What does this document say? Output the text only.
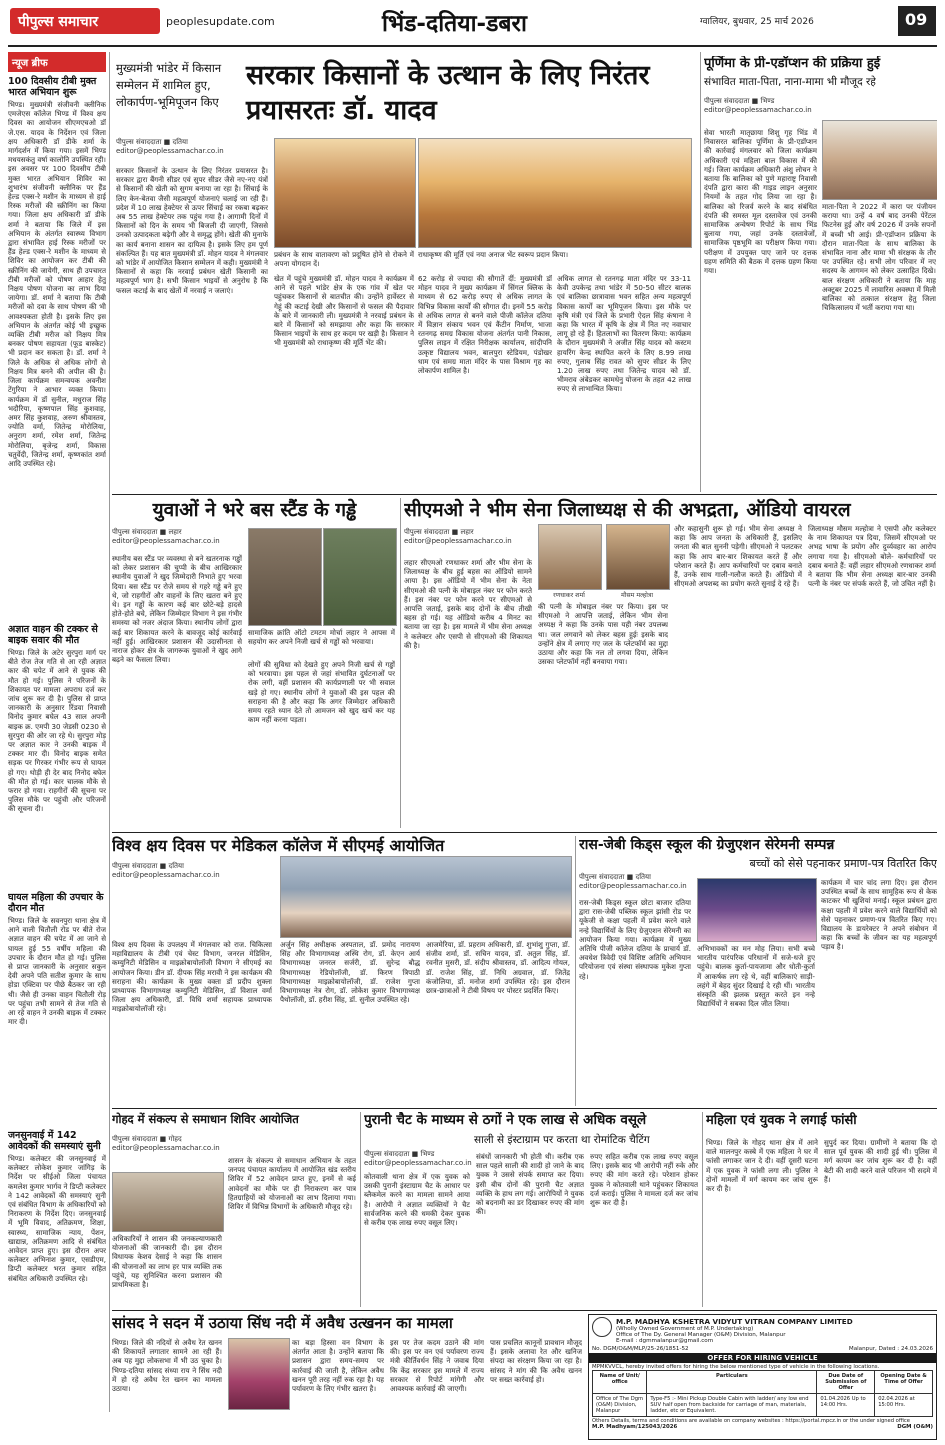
पीपुल्स समाचार	peoplesupdate.com	भिंड-दतिया-डबरा	ग्वालियर, बुधवार, 25 मार्च 2026	09
न्यूज ब्रीफ
100 दिवसीय टीबी मुक्त भारत अभियान शुरू
भिण्ड। मुख्यमंत्री संजीवनी क्लीनिक एमजेएस कॉलेज भिण्ड में विश्व क्षय दिवस का आयोजन सीएमएचओ डॉ जे.एस. यादव के निर्देशन एवं जिला क्षय अधिकारी डॉ डीके शर्मा के मार्गदर्शन में किया गया। इसमें भिण्ड मधयसकंतु वर्षा कालोनि उपस्थित रही। इस अवसर पर 100 दिवसीय टीबी मुक्त भारत अभियान शिविर का शुभारंभ संजीवनी क्लीनिक पर हैंड हेल्ड एक्स-रे मशीन के माध्यम से हाई रिस्क मरीजों की स्क्रीनिंग का किया गया। जिला क्षय अधिकारी डॉ डीके शर्मा ने बताया कि जिले में इस अभियान के अंतर्गत स्वास्थ्य विभाग द्वारा संभावित हाई रिस्क मरीजों पर हैंड हेल्ड एक्स-रे मशीन के माध्यम से शिविर का आयोजन कर टीबी की स्क्रीनिंग की जायेगी, साथ ही उपचारत टीबी मरीजों को पोषण आहार हेतु निक्षय पोषण योजना का लाभ दिया जायेगा। डॉ. शर्मा ने बताया कि टीबी मरीजों को दवा के साथ पोषण की भी आवश्यकता होती है। इसके लिए इस अभियान के अंतर्गत कोई भी इच्छुक व्यक्ति टीबी मरीज को निक्षय मित्र बनकर पोषण सहायता (फूड बास्केट) भी प्रदान कर सकता है। डॉ. शर्मा ने जिले के अधिक से अधिक लोगों से निक्षय मित्र बनने की अपील की है। जिला कार्यक्रम समन्वयक अवनीश टेंगुरिया ने आभार व्यक्त किया। कार्यक्रम में डॉ सुनील, मधुराज सिंह भदौरिया, कृष्णपाल सिंह कुशवाह, अमर सिंह कुशवाह, अरुण श्रीवास्तव, ज्योति वर्मा, जितेन्द्र मोरोलिया, अनुराग शर्मा, रमेश शर्मा, जितेन्द्र मोरोलिया, बृजेन्द्र शर्मा, विकास चतुर्वेदी, जितेन्द्र शर्मा, कृष्णकांत शर्मा आदि उपस्थित रहे।
अज्ञात वाहन की टक्कर से बाइक सवार की मौत
भिण्ड। जिले के अटेर सुरपुरा मार्ग पर बीते रोज तेज गति से आ रही अज्ञात कार की चपेट में आने से युवक की मौत हो गई। पुलिस ने परिजनों के शिकायत पर मामला अपराध दर्ज कर जांच शुरू कर दी है। पुलिस से प्राप्त जानकारी के अनुसार रिंडवा निवासी विनोद कुमार बघेल 43 साल अपनी बाइक क्र. एमपी 30 जेडसी 0230 से सुरपुरा की ओर जा रहे थे। सुरपुरा मोड़ पर अज्ञात कार ने उनकी बाइक में टक्कर मार दी। विनोद बाइक समेत सड़क पर गिरकर गंभीर रूप से घायल हो गए। थोड़ी ही देर बाद निनोद बघेल की मौत हो गई। कार चालक मौके से फरार हो गया। राहगीरों की सूचना पर पुलिस मौके पर पहुंची और परिजनों की सूचना दी।
घायल महिला की उपचार के दौरान मौत
भिण्ड। जिले के सवनपुरा थाना क्षेत्र में आने वाली चितौली रोड पर बीते रोज अज्ञात वाहन की चपेट में आ जाने से घायल हुई 55 वर्षीय महिला की उपचार के दौरान मौत हो गई। पुलिस से प्राप्त जानकारी के अनुसार सकुन देवी अपने पति सतीश कुमार के साथ होडा एक्टिवा पर पीछे बैठकर जा रही थी। जैसे ही उनका वाहन चितौली रोड़ पर पहुंचा तभी सामने से तेज गति से आ रहे वाहन ने उनकी बाइक में टक्कर मार दी।
जनसुनवाई में 142 आवेदकों की समस्याएं सुनी
भिण्ड। कलेक्टर की जनसुनवाई में कलेक्टर लोकेश कुमार जांगिड़ के निर्देश पर सीईओ जिला पंचायत कमलेश कुमार भार्गव ने डिप्टी कलेक्टर ने 142 आवेदकों की समस्याएं सुनी एवं संबंधित विभाग के अधिकारियों को निराकरण के निर्देश दिए। जनसुनवाई में भूमि विवाद, अतिक्रमण, शिक्षा, स्वास्थ्य, सामाजिक न्याय, पेंशन, खाद्यान्न, अतिक्रमण आदि से संबंधित आवेदन प्राप्त हुए। इस दौरान अपर कलेक्टर अभिनाश कुमार, एसडीएम, डिप्टी कलेक्टर भरत कुमार सहित संबंधित अधिकारी उपस्थित रहे।
मुख्यमंत्री भांडेर में किसान सम्मेलन में शामिल हुए, लोकार्पण-भूमिपूजन किए
सरकार किसानों के उत्थान के लिए निरंतर प्रयासरतः डॉ. यादव
पीपुल्स संवाददाता ■ दतिया
editor@peoplessamachar.co.in
सरकार किसानों के उत्थान के लिए निरंतर प्रयासरत है। सरकार द्वारा बैंगनी सीडर एवं सुपर सीडर जैसे नए-नए यंत्रों से किसानों की खेती को सुगम बनाया जा रहा है। सिंचाई के लिए केन-बेतवा जैसी महत्वपूर्ण योजनाएं चलाई जा रही हैं। प्रदेश में 10 लाख हेक्टेयर से ऊपर सिंचाई का रकबा बढ़कर अब 55 लाख हेक्टेयर तक पहुंच गया है। आगामी दिनों में किसानों को दिन के समय भी बिजली दी जाएगी, जिससे उनको उत्पादकता बढ़ेगी और वे समृद्ध होंगे। खेती की मुनाफे का कार्य बनाना शासन का दायित्व है। इसके लिए हम पूर्ण संकल्पित हैं। यह बात मुख्यमंत्री डॉ. मोहन यादव ने मंगलवार को भांडेर में आयोजित किसान सम्मेलन में कही। मुख्यमंत्री ने किसानों से कहा कि नरवाई प्रबंधन खेती किसानी का महत्वपूर्ण भाग है। सभी किसान भाइयों से अनुरोध है कि फसल कटाई के बाद खेतों में नरवाई न जलाएं।
प्रबंधन के साथ वातावरण को प्रदूषित होने से रोकने में अपना योगदान दें।
राधाकृष्ण की मूर्ति एवं नया अनाज भेंट स्वरूप प्रदान किया।
खेत में पहुंचे मुख्यमंत्री डॉ. मोहन यादव ने कार्यक्रम में आने से पहले भांडेर क्षेत्र के एक गांव में खेत पर पहुंचकर किसानों से बातचीत की। उन्होंने हार्वेस्टर से गेहूं की कटाई देखी और किसानों से फसल की पैदावार के बारे में जानकारी ली। मुख्यमंत्री ने नरवाई प्रबंधन के बारे में किसानों को समझाया और कहा कि सरकार किसान भाइयों के साथ हर कदम पर खड़ी है। किसान ने भी मुख्यमंत्री को राधाकृष्ण की मूर्ति भेंट की।
62 करोड़ से ज्यादा की सौगातें दीं: मुख्यमंत्री डॉ मोहन यादव ने मुख्य कार्यक्रम में सिंगल क्लिक के माध्यम से 62 करोड़ रुपए से अधिक लागत के विभिन्न विकास कार्यों की सौगात दी। इनमें 55 करोड़ से अधिक लागत से बनने वाले पीजी कॉलेज दतिया में विज्ञान संकाय भवन एवं कैंटीन निर्माण, भाजा रतनगढ़ समग्र विकास योजना अंतर्गत पानी निकास, पुलिस लाइन में रक्षित निरीक्षक कार्यालय, सांदीपनि उत्कृष्ट विद्यालय भवन, बालपुरा स्टेडियम, पंडोखर धाम एवं समग्र माता मंदिर के पास विश्राम गृह का लोकार्पण शामिल है।
अधिक लागत से रतनगढ़ माता मंदिर पर 33-11 केवी उपकेन्द्र तथा भांडेर में 50-50 सीटर बालक एवं बालिका छात्रावास भवन सहित अन्य महत्वपूर्ण विकास कार्यों का भूमिपूजन किया। इस मौके पर कृषि मंत्री एवं जिले के प्रभारी ऐदल सिंह कंषाना ने कहा कि भारत में कृषि के क्षेत्र में नित नए नवाचार लागू हो रहे हैं। हितलाभों का वितरण किया: कार्यक्रम के दौरान मुख्यमंत्री ने अजीत सिंह यादव को कस्टम हायरिंग केन्द्र स्थापित करने के लिए 8.99 लाख रुपए, गुलाब सिंह रावत को सुपर सीडर के लिए 1.20 लाख रुपए तथा जितेन्द्र यादव को डॉ. भीमराव अंबेडकर कामधेनु योजना के तहत 42 लाख रुपए से लाभान्वित किया।
पूर्णिमा के प्री-एडॉप्शन की प्रक्रिया हुई
संभावित माता-पिता, नाना-मामा भी मौजूद रहे
पीपुल्स संवाददाता ■ भिण्ड
editor@peoplessamachar.co.in
सेवा भारती मातृछाया शिशु गृह भिंड में निवासरत बालिका पूर्णिमा के प्री-एडॉप्शन की कार्रवाई मंगलवार को जिला कार्यक्रम अधिकारी एवं महिला बाल विकास में की गई। जिला कार्यक्रम अधिकारी अंशु लोचन ने बताया कि बालिका को पुणे महाराष्ट्र निवासी दंपति द्वारा कारा की गाइड लाइन अनुसार नियमों के तहत गोद लिया जा रहा है। बालिका को रिजर्व करने के बाद संबंधित दंपति की समस्त मूल दस्तावेज एवं उनकी सामाजिक अन्वेषण रिपोर्ट के साथ भिंड बुलाया गया, जहां उनके दस्तावेजों, सामाजिक पृष्ठभूमि का परीक्षण किया गया। परीक्षण में उपयुक्त पाए जाने पर दत्तक ग्रहण समिति की बैठक में दत्तक ग्रहण किया गया।
माता-पिता ने 2022 में कारा पर पंजीयन कराया था। उन्हें 4 वर्ष बाद उनकी पेरेंटल फिटनेस हुई और वर्ष 2026 में उनके सपनों में बच्ची भी आई। प्री-एडॉप्शन प्रक्रिया के दौरान माता-पिता के साथ बालिका के संभावित नाना और मामा भी संरक्षक के तौर पर उपस्थित रहे। सभी लोग परिवार में नए सदस्य के आगमन को लेकर उत्साहित दिखे। बाल संरक्षण अधिकारी ने बताया कि माह अक्टूबर 2025 में लावारिस अवस्था में मिली बालिका को तत्काल संरक्षण हेतु जिला चिकित्सालय में भर्ती कराया गया था।
युवाओं ने भरे बस स्टैंड के गड्ढे
पीपुल्स संवाददाता ■ लहार
editor@peoplessamachar.co.in
स्थानीय बस स्टैंड पर व्यवस्था से बने खतरनाक गड्ढों को लेकर प्रशासन की चुप्पी के बीच आखिरकार स्थानीय युवाओं ने खुद जिम्मेदारी निभाते हुए भरवा दिया। बस स्टैंड पर रोजे समय से गहरे गड्ढे बने हुए थे, जो राहगीरों और वाहनों के लिए खतरा बने हुए थे। इन गड्ढों के कारण कई बार छोटे-बड़े हादसे होते-होते बचे, लेकिन जिम्मेदार विभाग ने इस गंभीर समस्या को नजर अंदाज किया। स्थानीय लोगों द्वारा कई बार शिकायत करने के बावजूद कोई कार्रवाई नहीं हुई। आखिरकार प्रशासन की उदासीनता से नाराज होकर क्षेत्र के जागरूक युवाओं ने खुद आगे बढ़ने का फैसला लिया।
सामाजिक क्रांति ऑटो टमटम मोर्चा लहार ने आपस में सहयोग कर अपने निजी खर्च से गड्ढों को भरवाया।
लोगों की सुविधा को देखते हुए अपने निजी खर्च से गड्ढों को भरवाया। इस पहल से जहां संभावित दुर्घटनाओं पर रोक लगी, वहीं प्रशासन की कार्यप्रणाली पर भी सवाल खड़े हो गए। स्थानीय लोगों ने युवाओं की इस पहल की सराहना की है और कहा कि अगर जिम्मेदार अधिकारी समय रहते ध्यान देते तो आमजन को खुद खर्च कर यह काम नहीं करना पड़ता।
सीएमओ ने भीम सेना जिलाध्यक्ष से की अभद्रता, ऑडियो वायरल
पीपुल्स संवाददाता ■ लहार
editor@peoplessamachar.co.in
लहार सीएमओ रणधाकर शर्मा और भीम सेना के जिलाध्यक्ष के बीच हुई बहस का ऑडियो सामने आया है। इस ऑडियो में भीम सेना के नेता सीएमओ की पत्नी के मोबाइल नंबर पर फोन करते हैं। इस नंबर पर फोन करने पर सीएमओ से आपत्ति जताई, इसके बाद दोनों के बीच तीखी बहस हो गई। यह ऑडियो करीब 4 मिनट का बताया जा रहा है। इस मामले में भीम सेना अध्यक्ष ने कलेक्टर और एसपी से सीएमओ की शिकायत की है।
रणधाकर शर्मा	मौसम मल्होत्रा
की पत्नी के मोबाइल नंबर पर किया। इस पर सीएमओ ने आपत्ति जताई, लेकिन भीम सेना अध्यक्ष ने कहा कि उनके पास यही नंबर उपलब्ध था। जल लगवाने को लेकर बहस हुईः इसके बाद उन्होंने क्षेत्र में लगाए गए जल के प्लेटफॉर्म का मुद्दा उठाया और कहा कि नल तो लगवा दिया, लेकिन उसका प्लेटफॉर्म नहीं बनवाया गया।
और कहासुनी शुरू हो गई। भीम सेना अध्यक्ष ने कहा कि आप जनता के अधिकारी हैं, इसलिए जनता की बात सुननी पड़ेगी। सीएमओ ने पलटकर कहा कि आप बार-बार शिकायत करते हैं और परेशान करते हैं। आप कर्मचारियों पर दबाव बनाते हैं, उनके साथ गाली-गलौज करते हैं। ऑडियो में सीएमओ अपशब्द का प्रयोग करते सुनाई दे रहे हैं।
जिलाध्यक्ष मौसम मल्होत्रा ने एसपी और कलेक्टर के नाम शिकायत पत्र दिया, जिसमें सीएमओ पर अभद्र भाषा के प्रयोग और दुर्व्यवहार का आरोप लगाया गया है। सीएमओ बोले- कर्मचारियों पर दबाव बनाते हैं: वहीं लहार सीएमओ रणधाकर शर्मा ने बताया कि भीम सेना अध्यक्ष बार-बार उनकी पत्नी के नंबर पर संपर्क करते हैं, जो उचित नहीं है।
विश्व क्षय दिवस पर मेडिकल कॉलेज में सीएमई आयोजित
पीपुल्स संवाददाता ■ दतिया
editor@peoplessamachar.co.in
विश्व क्षय दिवस के उपलक्ष्य में मंगलवार को राज. चिकित्सा महाविद्यालय के टीबी एवं चेस्ट विभाग, जनरल मेडिसिन, कम्युनिटी मेडिसिन व माइक्रोबायोलॉजी विभाग ने सीएमई का आयोजन किया। डीन डॉ. दीपक सिंह मरावी ने इस कार्यक्रम की सराहना की। कार्यक्रम के मुख्य वक्ता डॉ प्रदीप शुक्ला प्राध्यापक विभागाध्यक्ष कम्युनिटी मेडिसिन, डॉ विशाल वर्मा जिला क्षय अधिकारी, डॉ. विधि शर्मा सहायक प्राध्यापक माइक्रोबायोलॉजी रहे।
अर्जुन सिंह अधीक्षक अस्पताल, डॉ. प्रमोद नारायण सिंह और विभागाध्यक्ष अस्थि रोग, डॉ. केएन आर्य विभागाध्यक्ष जनरल सर्जरी, डॉ. सुरेन्द्र बौद्ध विभागाध्यक्ष रेडियोलॉजी, डॉ. किरण त्रिपाठी विभागाध्यक्ष माइक्रोबायोलॉजी, डॉ. राजेश गुप्ता विभागाध्यक्ष नेत्र रोग, डॉ. लोकेश कुमार विभागाध्यक्ष पैथोलॉजी, डॉ. हरीश सिंह, डॉ. सुनील उपस्थित रहे।
आजमेरिया, डॉ. प्रहराम अधिकारी, डॉ. शुभांशु गुप्ता, डॉ. संजीव शर्मा, डॉ. सचिन यादव, डॉ. अतुल सिंह, डॉ. रवनीत मुसरी, डॉ. संदीप श्रीवास्तव, डॉ. आदित्य गोयल, डॉ. राजेश सिंह, डॉ. निधि अग्रवाल, डॉ. जितेंद्र कंजोलिया, डॉ. मनोज शर्मा उपस्थित रहे। इस दौरान छात्र-छात्राओं ने टीबी विषय पर पोस्टर प्रदर्शित किए।
रास-जेबी किड्स स्कूल की ग्रेजुएशन सेरेमनी सम्पन्न
बच्चों को सेसे पहनाकर प्रमाण-पत्र वितरित किए
पीपुल्स संवाददाता ■ दतिया
editor@peoplessamachar.co.in
रास-जेबी किड्स स्कूल छोटा बाजार दतिया द्वारा रास-जेबी पब्लिक स्कूल झांसी रोड पर यूकेजी से कक्षा पहली में प्रवेश करने वाले नन्हे विद्यार्थियों के लिए ग्रेजुएशन सेरेमनी का आयोजन किया गया। कार्यक्रम में मुख्य अतिथि पीजी कॉलेज दतिया के प्राचार्य डॉ. अवधेश त्रिवेदी एवं विशिष्ट अतिथि अभियान परियोजना एवं संस्था संस्थापक मुकेश गुप्ता रहे।
अभिभावकों का मन मोह लिया। सभी बच्चे भारतीय पारंपरिक परिधानों में सजे-धजे हुए पहुंचे। बालक कुर्ता-पायजामा और धोती-कुर्ता में आकर्षक लग रहे थे, वहीं बालिकाएं साड़ी-लहंगे में बेहद सुंदर दिखाई दे रही थीं। भारतीय संस्कृति की झलक प्रस्तुत करते इन नन्हे विद्यार्थियों ने सबका दिल जीत लिया।
कार्यक्रम में चार चांद लगा दिए। इस दौरान उपस्थित बच्चों के साथ सामूहिक रूप से केक काटकर भी खुशियां मनाईं। स्कूल प्रबंधन द्वारा कक्षा पहली में प्रवेश करने वाले विद्यार्थियों को सेसे पहनाकर प्रमाण-पत्र वितरित किए गए। विद्यालय के डायरेक्टर ने अपने संबोधन में कहा कि बच्चों के जीवन का यह महत्वपूर्ण पड़ाव है।
गोहद में संकल्प से समाधान शिविर आयोजित
पीपुल्स संवाददाता ■ गोहद
editor@peoplessamachar.co.in
शासन के संकल्प से समाधान अभियान के तहत जनपद पंचायत कार्यालय में आयोजित खंड स्तरीय शिविर में 52 आवेदन प्राप्त हुए, इनमें से कई आवेदनों का मौके पर ही निराकरण कर पात्र हितग्राहियों को योजनाओं का लाभ दिलाया गया। शिविर में विभिन्न विभागों के अधिकारी मौजूद रहे।
अधिकारियों ने शासन की जनकल्याणकारी योजनाओं की जानकारी दी। इस दौरान विधायक केशव देसाई ने कहा कि शासन की योजनाओं का लाभ हर पात्र व्यक्ति तक पहुंचे, यह सुनिश्चित करना प्रशासन की प्राथमिकता है।
पुरानी चैट के माध्यम से ठगों ने एक लाख से अधिक वसूले
साली से इंस्टाग्राम पर करता था रोमांटिक चैटिंग
पीपुल्स संवाददाता ■ भिण्ड
editor@peoplessamachar.co.in
कोतवाली थाना क्षेत्र में एक युवक को उसकी पुरानी इंस्टाग्राम चैट के आधार पर ब्लैकमेल करने का मामला सामने आया है। आरोपी ने अज्ञात व्यक्तियों ने चैट सार्वजनिक करने की धमकी देकर युवक से करीब एक लाख रुपए वसूल लिए।
संबंधों जानकारी भी होती थी। करीब एक साल पहले साली की शादी हो जाने के बाद युवक ने उससे संपर्क समाप्त कर दिया। इसी बीच दोनों की पुरानी चैट अज्ञात व्यक्ति के हाथ लग गई। आरोपियों ने युवक को बदनामी का डर दिखाकर रुपए की मांग की।
रुपए सहित करीब एक लाख रुपए वसूल लिए। इसके बाद भी आरोपी नहीं रुके और रुपए की मांग करते रहे। परेशान होकर युवक ने कोतवाली थाने पहुंचकर शिकायत दर्ज कराई। पुलिस ने मामला दर्ज कर जांच शुरू कर दी है।
महिला एवं युवक ने लगाई फांसी
भिण्ड। जिले के गोहद थाना क्षेत्र में आने वाले मालनपुर कस्बे में एक महिला ने घर में फांसी लगाकर जान दे दी। वहीं दूसरी घटना में एक युवक ने फांसी लगा ली। पुलिस ने दोनों मामलों में मर्ग कायम कर जांच शुरू कर दी है।
सुपुर्द कर दिया। ग्रामीणों ने बताया कि दो साल पूर्व युवक की शादी हुई थी। पुलिस में मर्ग कायम कर जांच शुरू कर दी है। वहीं बेटी की शादी करने वाले परिजन भी सदमे में हैं।
सांसद ने सदन में उठाया सिंध नदी में अवैध उत्खनन का मामला
भिण्ड। जिले की नदियों से अवैध रेत खनन की शिकायतें लगातार सामने आ रही हैं। अब यह मुद्दा लोकसभा में भी उठ चुका है। भिण्ड-दतिया सांसद संध्या राय ने सिंध नदी में हो रहे अवैध रेत खनन का मामला उठाया।
का बड़ा हिस्सा वन विभाग के अंतर्गत आता है। उन्होंने बताया कि प्रशासन द्वारा समय-समय पर कार्रवाई की जाती है, लेकिन अवैध खनन पूरी तरह नहीं रुक रहा है। यह पर्यावरण के लिए गंभीर खतरा है।
इस पर तेज कदम उठाने की मांग की। इस पर वन एवं पर्यावरण राज्य मंत्री कीर्तिवर्धन सिंह ने जवाब दिया कि केंद्र सरकार इस मामले में राज्य सरकार से रिपोर्ट मांगेगी और आवश्यक कार्रवाई की जाएगी।
पास प्रचलित कानूनों प्रावधान मौजूद हैं। इसके अलावा रेत और खनिज संपदा का संरक्षण किया जा रहा है। सांसद ने मांग की कि अवैध खनन पर सख्त कार्रवाई हो।
M.P. MADHYA KSHETRA VIDYUT VITRAN COMPANY LIMITED
(Wholly Owned Government of M.P. Undertaking)
Office of The Dy. General Manager (O&M) Division, Malanpur
E-mail : dgmmalanpur@gmail.com
No. DGM/O&M/MLP/25-26/1851-52	Malanpur, Dated : 24.03.2026
OFFER FOR HIRING VEHICLE
MPMKVVCL, hereby invited offers for hiring the below mentioned type of vehicle in the following locations.
Name of Unit/ office	Particulars	Due Date of Submission of Offer	Opening Date & Time of Offer
Office of The Dgm (O&M) Division, Malanpur	Type-F5 :- Mini Pickup Double Cabin with ladder/ any low end SUV half open from backside for carriage of man, materials, ladder, etc or Equivalent.	01.04.2026 Up to 14:00 Hrs.	02.04.2026 at 15:00 Hrs.
Others Details, terms and conditions are available on company websites : https://portal.mpcz.in or the under signed office
M.P. Madhyam/125043/2026	DGM (O&M)
